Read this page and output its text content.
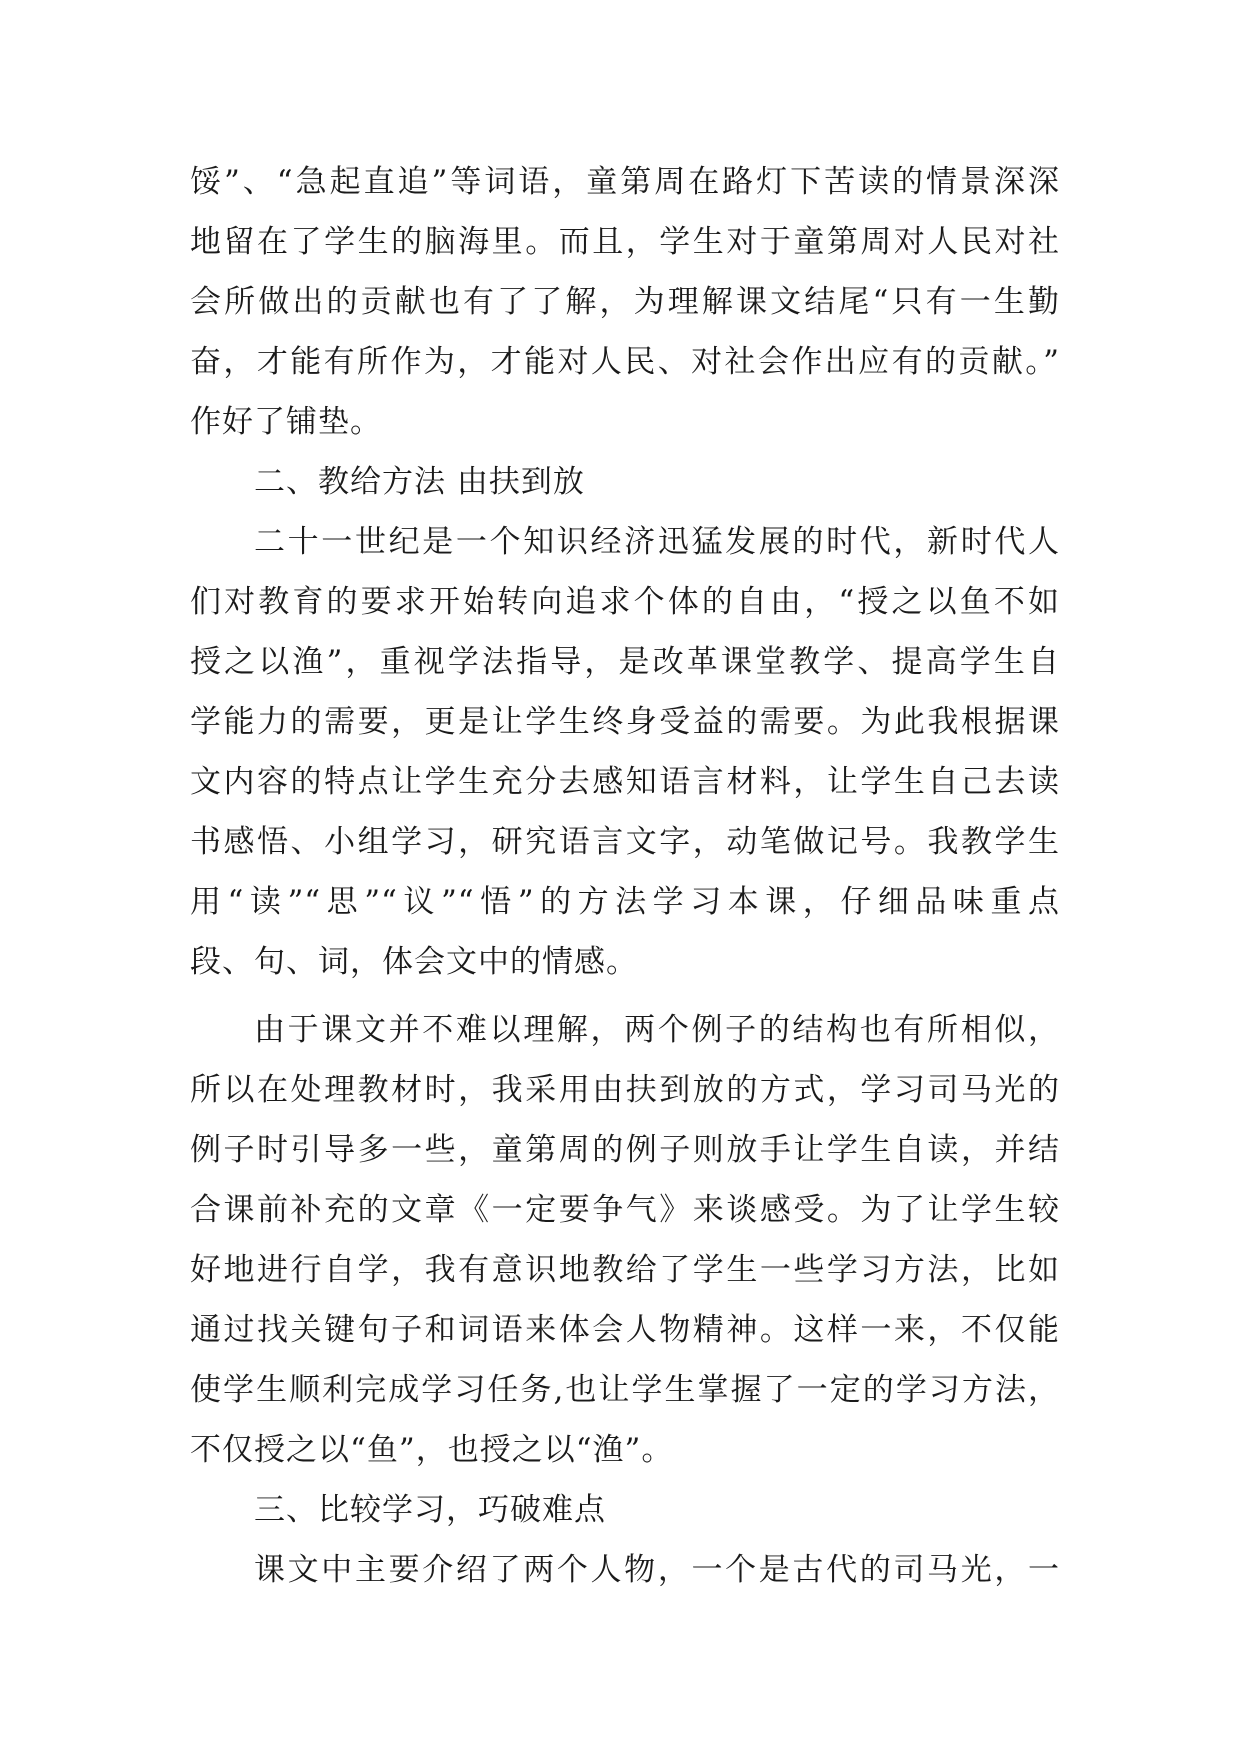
馁”、“急起直追”等词语，童第周在路灯下苦读的情景深深
地留在了学生的脑海里。而且，学生对于童第周对人民对社
会所做出的贡献也有了了解，为理解课文结尾“只有一生勤
奋，才能有所作为，才能对人民、对社会作出应有的贡献。”
作好了铺垫。
二、教给方法 由扶到放
二十一世纪是一个知识经济迅猛发展的时代，新时代人
们对教育的要求开始转向追求个体的自由，“授之以鱼不如
授之以渔”，重视学法指导，是改革课堂教学、提高学生自
学能力的需要，更是让学生终身受益的需要。为此我根据课
文内容的特点让学生充分去感知语言材料，让学生自己去读
书感悟、小组学习，研究语言文字，动笔做记号。我教学生
用“读”“思”“议”“悟”的方法学习本课，仔细品味重点
段、句、词，体会文中的情感。
由于课文并不难以理解，两个例子的结构也有所相似，
所以在处理教材时，我采用由扶到放的方式，学习司马光的
例子时引导多一些，童第周的例子则放手让学生自读，并结
合课前补充的文章《一定要争气》来谈感受。为了让学生较
好地进行自学，我有意识地教给了学生一些学习方法，比如
通过找关键句子和词语来体会人物精神。这样一来，不仅能
使学生顺利完成学习任务,也让学生掌握了一定的学习方法，
不仅授之以“鱼”，也授之以“渔”。
三、比较学习，巧破难点
课文中主要介绍了两个人物，一个是古代的司马光，一
